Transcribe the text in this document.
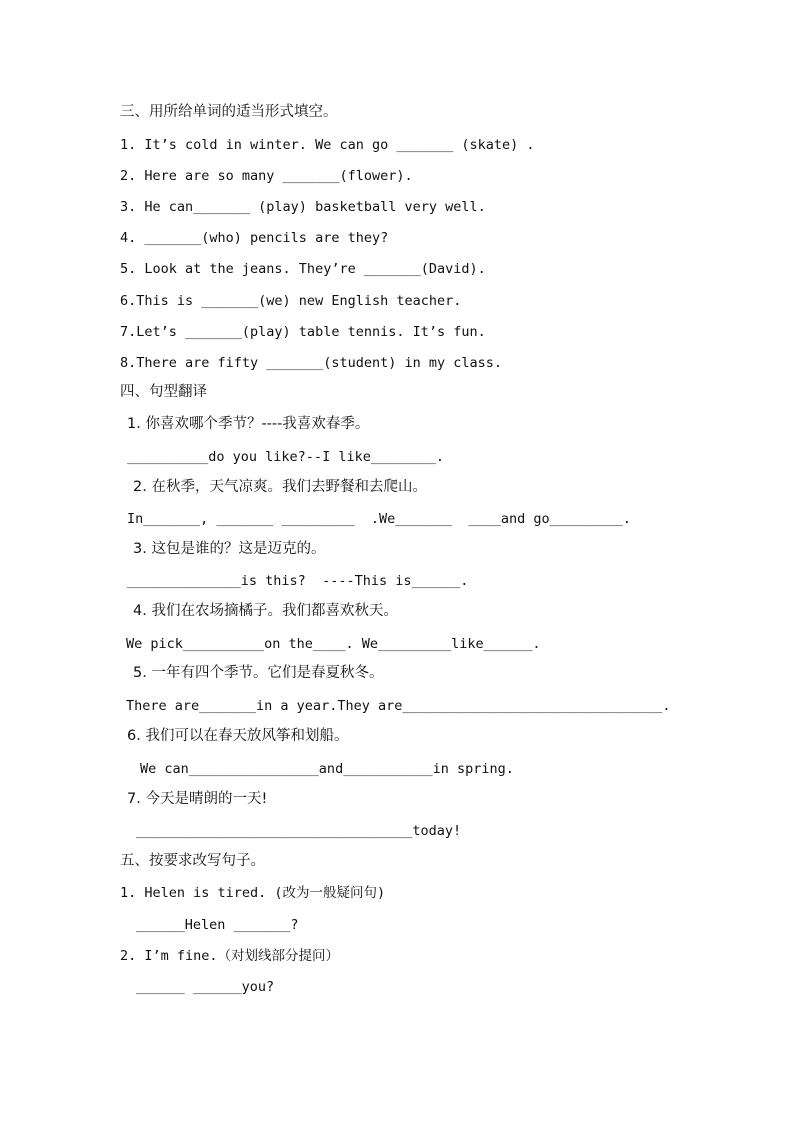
三、用所给单词的适当形式填空。
1. It’s cold in winter. We can go _______ (skate) .
2. Here are so many _______(flower).
3. He can_______ (play) basketball very well.
4. _______(who) pencils are they?
5. Look at the jeans. They’re _______(David).
6.This is _______(we) new English teacher.
7.Let’s _______(play) table tennis. It’s fun.
8.There are fifty _______(student) in my class.
四、句型翻译
1. 你喜欢哪个季节？----我喜欢春季。
__________do you like?--I like________.
2. 在秋季，天气凉爽。我们去野餐和去爬山。
In_______, _______ _________  .We_______  ____and go_________.
3. 这包是谁的？这是迈克的。
______________is this?  ----This is______.
4. 我们在农场摘橘子。我们都喜欢秋天。
We pick__________on the____. We_________like______.
5. 一年有四个季节。它们是春夏秋冬。
There are_______in a year.They are________________________________.
6. 我们可以在春天放风筝和划船。
We can________________and___________in spring.
7. 今天是晴朗的一天!
__________________________________today!
五、按要求改写句子。
1. Helen is tired. (改为一般疑问句)
______Helen _______?
2. I’m fine.（对划线部分提问）
______ ______you?
